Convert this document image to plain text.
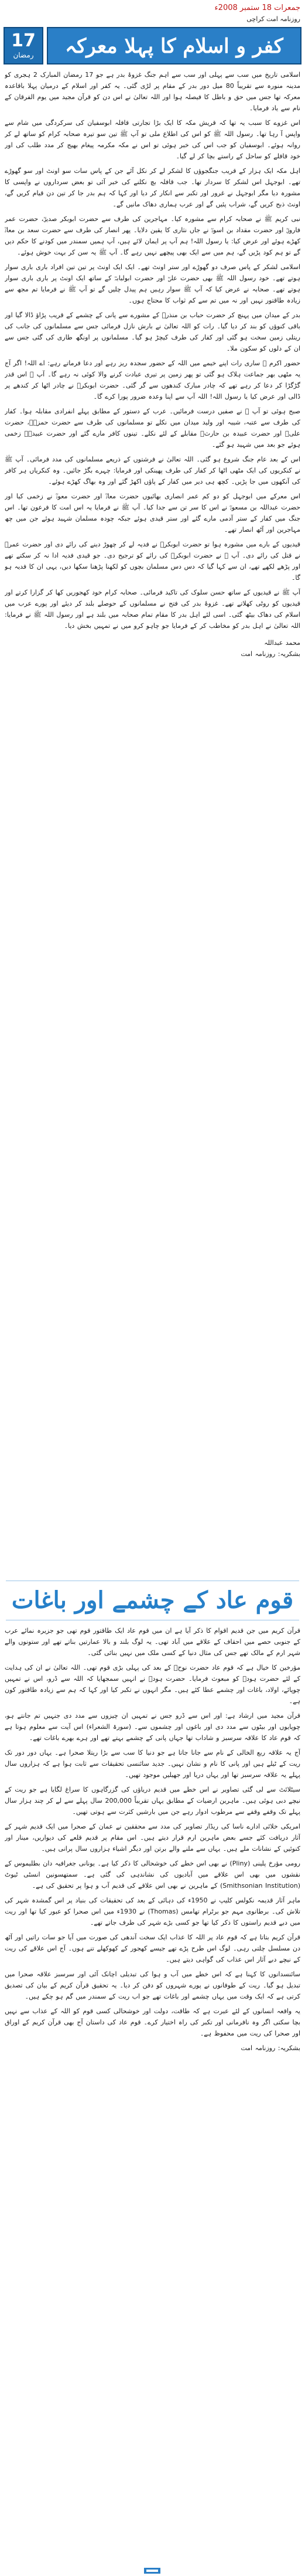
جمعرات 18 ستمبر 2008ء
روزنامہ امت کراچی
کفر و اسلام کا پہلا معرکہ
17
رمضان

اسلامی تاریخ میں سب سے پہلی اور سب سے اہم جنگ غزوۂ بدر ہے جو 17 رمضان المبارک 2 ہجری کو مدینہ منورہ سے تقریباً 80 میل دور بدر کے مقام پر لڑی گئی۔ یہ کفر اور اسلام کے درمیان پہلا باقاعدہ معرکہ تھا جس میں حق و باطل کا فیصلہ ہوا اور اللہ تعالیٰ نے اس دن کو قرآن مجید میں یوم الفرقان کے نام سے یاد فرمایا۔

اس غزوے کا سبب یہ تھا کہ قریش مکہ کا ایک بڑا تجارتی قافلہ ابوسفیان کی سرکردگی میں شام سے واپس آ رہا تھا۔ رسول اللہ ﷺ کو اس کی اطلاع ملی تو آپ ﷺ تین سو تیرہ صحابہ کرام کو ساتھ لے کر روانہ ہوئے۔ ابوسفیان کو جب اس کی خبر ہوئی تو اس نے مکہ مکرمہ پیغام بھیج کر مدد طلب کی اور خود قافلے کو ساحل کے راستے بچا کر لے گیا۔

اہل مکہ ایک ہزار کے قریب جنگجوؤں کا لشکر لے کر نکل آئے جن کے پاس سات سو اونٹ اور سو گھوڑے تھے۔ ابوجہل اس لشکر کا سردار تھا۔ جب قافلہ بچ نکلنے کی خبر آئی تو بعض سرداروں نے واپسی کا مشورہ دیا مگر ابوجہل نے غرور اور تکبر سے انکار کر دیا اور کہا کہ ہم بدر جا کر تین دن قیام کریں گے، اونٹ ذبح کریں گے، شراب پئیں گے اور عرب ہماری دھاک مانیں گے۔

نبی کریم ﷺ نے صحابہ کرام سے مشورہ کیا۔ مہاجرین کی طرف سے حضرت ابوبکر صدیقؓ، حضرت عمر فاروقؓ اور حضرت مقداد بن اسودؓ نے جاں نثاری کا یقین دلایا۔ پھر انصار کی طرف سے حضرت سعد بن معاذؓ کھڑے ہوئے اور عرض کیا: یا رسول اللہ! ہم آپ پر ایمان لائے ہیں، آپ ہمیں سمندر میں کودنے کا حکم دیں گے تو ہم کود پڑیں گے، ہم میں سے ایک بھی پیچھے نہیں رہے گا۔ آپ ﷺ یہ سن کر بہت خوش ہوئے۔

اسلامی لشکر کے پاس صرف دو گھوڑے اور ستر اونٹ تھے۔ ایک ایک اونٹ پر تین تین افراد باری باری سوار ہوتے تھے۔ خود رسول اللہ ﷺ بھی حضرت علیؓ اور حضرت ابولبابہؓ کے ساتھ ایک اونٹ پر باری باری سوار ہوتے تھے۔ صحابہ نے عرض کیا کہ آپ ﷺ سوار رہیں ہم پیدل چلیں گے تو آپ ﷺ نے فرمایا تم مجھ سے زیادہ طاقتور نہیں اور نہ میں تم سے کم ثواب کا محتاج ہوں۔

بدر کے میدان میں پہنچ کر حضرت حباب بن منذرؓ کے مشورے سے پانی کے چشمے کے قریب پڑاؤ ڈالا گیا اور باقی کنوؤں کو بند کر دیا گیا۔ رات کو اللہ تعالیٰ نے بارش نازل فرمائی جس سے مسلمانوں کی جانب کی ریتلی زمین سخت ہو گئی اور کفار کی طرف کیچڑ ہو گیا۔ مسلمانوں پر اونگھ طاری کی گئی جس سے ان کے دلوں کو سکون ملا۔

حضور اکرم ﷺ ساری رات اپنے خیمے میں اللہ کے حضور سجدہ ریز رہے اور دعا فرماتے رہے: اے اللہ! اگر آج یہ مٹھی بھر جماعت ہلاک ہو گئی تو پھر زمین پر تیری عبادت کرنے والا کوئی نہ رہے گا۔ آپ ﷺ اس قدر گڑگڑا کر دعا کر رہے تھے کہ چادر مبارک کندھوں سے گر گئی۔ حضرت ابوبکرؓ نے چادر اٹھا کر کندھے پر ڈالی اور عرض کیا یا رسول اللہ! اللہ آپ سے اپنا وعدہ ضرور پورا کرے گا۔

صبح ہوئی تو آپ ﷺ نے صفیں درست فرمائیں۔ عرب کے دستور کے مطابق پہلے انفرادی مقابلہ ہوا۔ کفار کی طرف سے عتبہ، شیبہ اور ولید میدان میں نکلے تو مسلمانوں کی طرف سے حضرت حمزہؓ، حضرت علیؓ اور حضرت عبیدہ بن حارثؓ مقابلے کے لئے نکلے۔ تینوں کافر مارے گئے اور حضرت عبیدہؓ زخمی ہوئے جو بعد میں شہید ہو گئے۔

اس کے بعد عام جنگ شروع ہو گئی۔ اللہ تعالیٰ نے فرشتوں کے ذریعے مسلمانوں کی مدد فرمائی۔ آپ ﷺ نے کنکریوں کی ایک مٹھی اٹھا کر کفار کی طرف پھینکی اور فرمایا: چہرے بگڑ جائیں۔ وہ کنکریاں ہر کافر کی آنکھوں میں جا پڑیں۔ کچھ ہی دیر میں کفار کے پاؤں اکھڑ گئے اور وہ بھاگ کھڑے ہوئے۔

اس معرکے میں ابوجہل کو دو کم عمر انصاری بھائیوں حضرت معاذؓ اور حضرت معوذؓ نے زخمی کیا اور حضرت عبداللہ بن مسعودؓ نے اس کا سر تن سے جدا کیا۔ آپ ﷺ نے فرمایا یہ اس امت کا فرعون تھا۔ اس جنگ میں کفار کے ستر آدمی مارے گئے اور ستر قیدی ہوئے جبکہ چودہ مسلمان شہید ہوئے جن میں چھ مہاجرین اور آٹھ انصار تھے۔

قیدیوں کے بارے میں مشورہ ہوا تو حضرت ابوبکرؓ نے فدیہ لے کر چھوڑ دینے کی رائے دی اور حضرت عمرؓ نے قتل کی رائے دی۔ آپ ﷺ نے حضرت ابوبکرؓ کی رائے کو ترجیح دی۔ جو قیدی فدیہ ادا نہ کر سکتے تھے اور پڑھے لکھے تھے، ان سے کہا گیا کہ دس دس مسلمان بچوں کو لکھنا پڑھنا سکھا دیں، یہی ان کا فدیہ ہو گا۔

آپ ﷺ نے قیدیوں کے ساتھ حسن سلوک کی تاکید فرمائی۔ صحابہ کرام خود کھجوریں کھا کر گزارا کرتے اور قیدیوں کو روٹی کھلاتے تھے۔ غزوۂ بدر کی فتح نے مسلمانوں کے حوصلے بلند کر دیئے اور پورے عرب میں اسلام کی دھاک بیٹھ گئی۔ اسی لئے اہل بدر کا مقام تمام صحابہ میں بلند ہے اور رسول اللہ ﷺ نے فرمایا: اللہ تعالیٰ نے اہل بدر کو مخاطب کر کے فرمایا جو چاہو کرو میں نے تمہیں بخش دیا۔

محمد عبداللہ
بشکریہ: روزنامہ امت
قوم عاد کے چشمے اور باغات

قرآن کریم میں جن قدیم اقوام کا ذکر آیا ہے ان میں قوم عاد ایک طاقتور قوم تھی جو جزیرہ نمائے عرب کے جنوبی حصے میں احقاف کے علاقے میں آباد تھی۔ یہ لوگ بلند و بالا عمارتیں بناتے تھے اور ستونوں والے شہر ارم کے مالک تھے جس کی مثال دنیا کے کسی ملک میں نہیں بنائی گئی۔

مؤرخین کا خیال ہے کہ قوم عاد حضرت نوحؑ کے بعد کی پہلی بڑی قوم تھی۔ اللہ تعالیٰ نے ان کی ہدایت کے لئے حضرت ہودؑ کو مبعوث فرمایا۔ حضرت ہودؑ نے انہیں سمجھایا کہ اللہ سے ڈرو، اس نے تمہیں چوپائے، اولاد، باغات اور چشمے عطا کئے ہیں۔ مگر انہوں نے تکبر کیا اور کہا کہ ہم سے زیادہ طاقتور کون ہے۔

قرآن مجید میں ارشاد ہے: اور اس سے ڈرو جس نے تمہیں ان چیزوں سے مدد دی جنہیں تم جانتے ہو، چوپایوں اور بیٹوں سے مدد دی اور باغوں اور چشموں سے۔ (سورۃ الشعراء) اس آیت سے معلوم ہوتا ہے کہ قوم عاد کا علاقہ سرسبز و شاداب تھا جہاں پانی کے چشمے بہتے تھے اور ہرے بھرے باغات تھے۔

آج یہ علاقہ ربع الخالی کے نام سے جانا جاتا ہے جو دنیا کا سب سے بڑا ریتلا صحرا ہے۔ یہاں دور دور تک ریت کے ٹیلے ہیں اور پانی کا نام و نشان نہیں۔ جدید سائنسی تحقیقات سے ثابت ہوا ہے کہ ہزاروں سال پہلے یہ علاقہ سرسبز تھا اور یہاں دریا اور جھیلیں موجود تھیں۔

سیٹلائٹ سے لی گئی تصاویر نے اس خطے میں قدیم دریاؤں کی گزرگاہوں کا سراغ لگایا ہے جو ریت کے نیچے دبی ہوئی ہیں۔ ماہرین ارضیات کے مطابق یہاں تقریباً 200,000 سال پہلے سے لے کر چند ہزار سال پہلے تک وقفے وقفے سے مرطوب ادوار رہے جن میں بارشیں کثرت سے ہوتی تھیں۔

امریکی خلائی ادارے ناسا کی ریڈار تصاویر کی مدد سے محققین نے عمان کے صحرا میں ایک قدیم شہر کے آثار دریافت کئے جسے بعض ماہرین ارم قرار دیتے ہیں۔ اس مقام پر قدیم قلعے کی دیواریں، مینار اور کنوئیں کے نشانات ملے ہیں۔ یہاں سے ملنے والے برتن اور دیگر اشیاء ہزاروں سال پرانی ہیں۔

رومی مؤرخ پلینی (Pliny) نے بھی اس خطے کی خوشحالی کا ذکر کیا ہے۔ یونانی جغرافیہ دان بطلیموس کے نقشوں میں بھی اس علاقے میں آبادیوں کی نشاندہی کی گئی ہے۔ سمتھسونین انسٹی ٹیوٹ (Smithsonian Institution) کے ماہرین نے بھی اس علاقے کی قدیم آب و ہوا پر تحقیق کی ہے۔

ماہر آثار قدیمہ نکولس کلیپ نے 1950ء کی دہائی کے بعد کی تحقیقات کی بنیاد پر اس گمشدہ شہر کی تلاش کی۔ برطانوی مہم جو برٹرام تھامس (Thomas) نے 1930ء میں اس صحرا کو عبور کیا تھا اور ریت میں دبے قدیم راستوں کا ذکر کیا تھا جو کسی بڑے شہر کی طرف جاتے تھے۔

قرآن کریم بتاتا ہے کہ قوم عاد پر اللہ کا عذاب ایک سخت آندھی کی صورت میں آیا جو سات راتیں اور آٹھ دن مسلسل چلتی رہی۔ لوگ اس طرح پڑے تھے جیسے کھجور کے کھوکھلے تنے ہوں۔ آج اس علاقے کی ریت کے نیچے دبے آثار اس عذاب کی گواہی دیتے ہیں۔

سائنسدانوں کا کہنا ہے کہ اس خطے میں آب و ہوا کی تبدیلی اچانک آئی اور سرسبز علاقہ صحرا میں تبدیل ہو گیا۔ ریت کے طوفانوں نے پورے شہروں کو دفن کر دیا۔ یہ تحقیق قرآن کریم کے بیان کی تصدیق کرتی ہے کہ ایک وقت میں یہاں چشمے اور باغات تھے جو اب ریت کے سمندر میں گم ہو چکے ہیں۔

یہ واقعہ انسانوں کے لئے عبرت ہے کہ طاقت، دولت اور خوشحالی کسی قوم کو اللہ کے عذاب سے نہیں بچا سکتی اگر وہ نافرمانی اور تکبر کی راہ اختیار کرے۔ قوم عاد کی داستان آج بھی قرآن کریم کے اوراق اور صحرا کی ریت میں محفوظ ہے۔

بشکریہ: روزنامہ امت
